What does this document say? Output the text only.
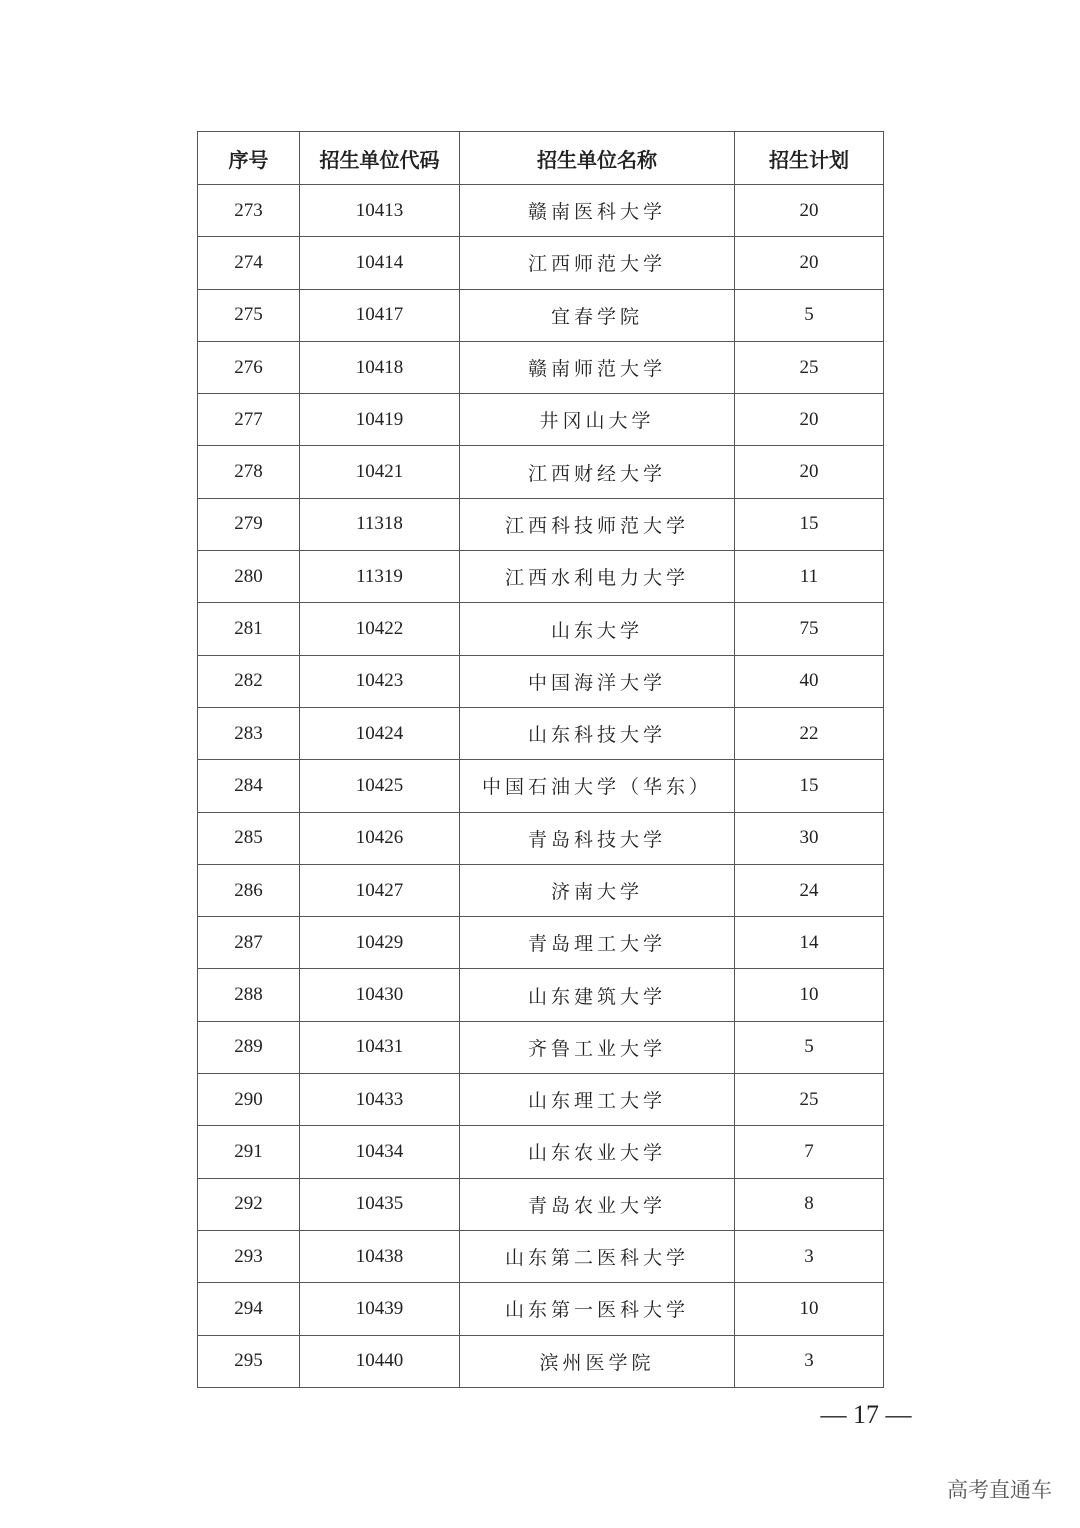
序号	招生单位代码	招生单位名称	招生计划
273	10413	赣南医科大学	20
274	10414	江西师范大学	20
275	10417	宜春学院	5
276	10418	赣南师范大学	25
277	10419	井冈山大学	20
278	10421	江西财经大学	20
279	11318	江西科技师范大学	15
280	11319	江西水利电力大学	11
281	10422	山东大学	75
282	10423	中国海洋大学	40
283	10424	山东科技大学	22
284	10425	中国石油大学（华东）	15
285	10426	青岛科技大学	30
286	10427	济南大学	24
287	10429	青岛理工大学	14
288	10430	山东建筑大学	10
289	10431	齐鲁工业大学	5
290	10433	山东理工大学	25
291	10434	山东农业大学	7
292	10435	青岛农业大学	8
293	10438	山东第二医科大学	3
294	10439	山东第一医科大学	10
295	10440	滨州医学院	3
— 17 —
高考直通车
